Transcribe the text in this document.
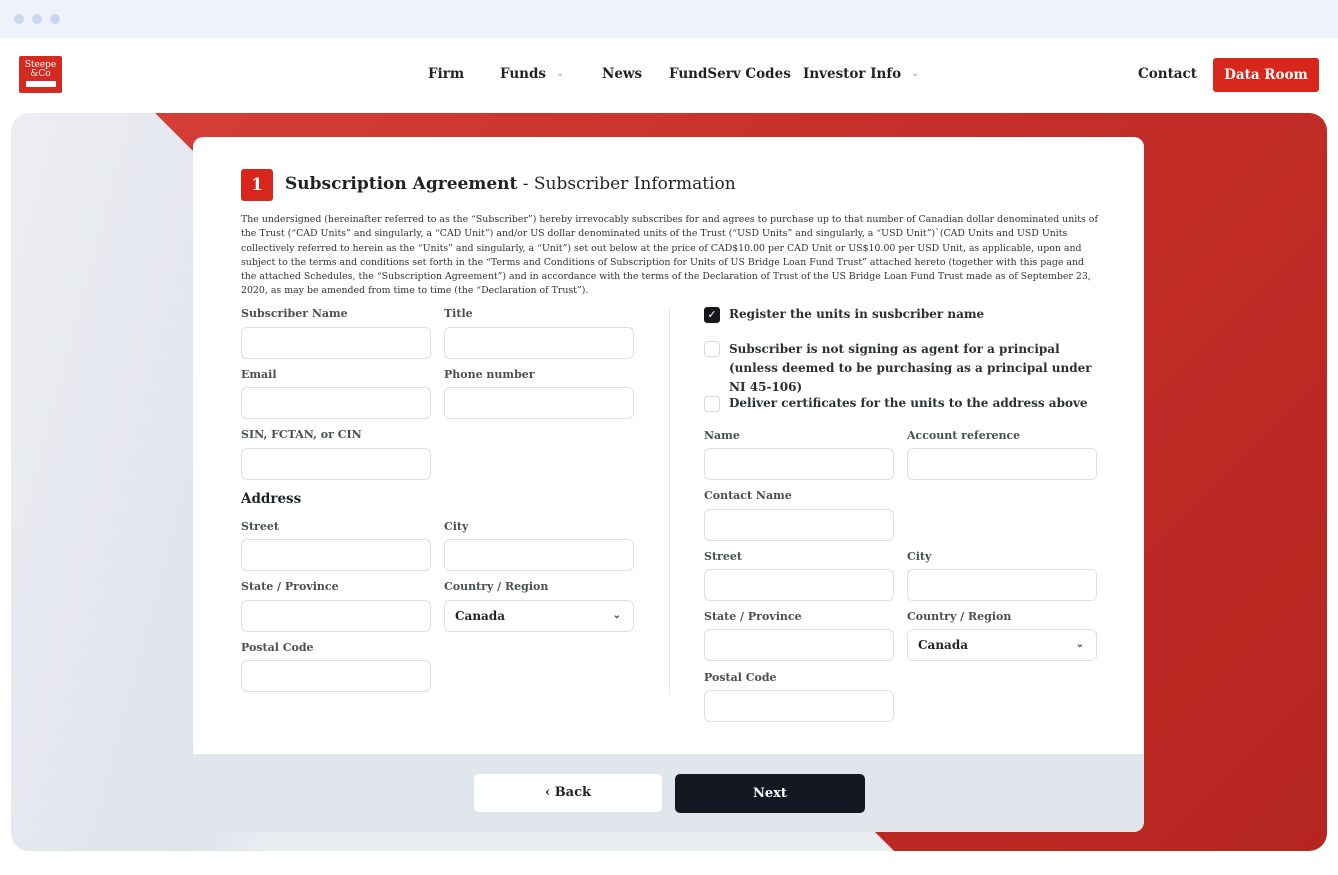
Steepe
&Co	Firm	Funds ⌄	News FundServ Codes Investor Info ⌄	Contact	Data Room
1	Subscription Agreement - Subscriber Information
The undersigned (hereinafter referred to as the “Subscriber”) hereby irrevocably subscribes for and agrees to purchase up to that number of Canadian dollar denominated units of the Trust (“CAD Units” and singularly, a “CAD Unit”) and/or US dollar denominated units of the Trust (“USD Units” and singularly, a “USD Unit”)`(CAD Units and USD Units collectively referred to herein as the “Units” and singularly, a “Unit”) set out below at the price of CAD$10.00 per CAD Unit or US$10.00 per USD Unit, as applicable, upon and subject to the terms and conditions set forth in the “Terms and Conditions of Subscription for Units of US Bridge Loan Fund Trust” attached hereto (together with this page and the attached Schedules, the “Subscription Agreement”) and in accordance with the terms of the Declaration of Trust of the US Bridge Loan Fund Trust made as of September 23, 2020, as may be amended from time to time (the “Declaration of Trust”).
Subscriber Name	Title
Email	Phone number
SIN, FCTAN, or CIN
Address
Street	City
State / Province	Country / Region
Canada	⌄
Postal Code
✓ Register the units in susbcriber name
Subscriber is not signing as agent for a principal (unless deemed to be purchasing as a principal under NI 45-106)
Deliver certificates for the units to the address above
Name	Account reference
Contact Name
Street	City
State / Province	Country / Region
Canada	⌄
Postal Code
‹ Back	Next
